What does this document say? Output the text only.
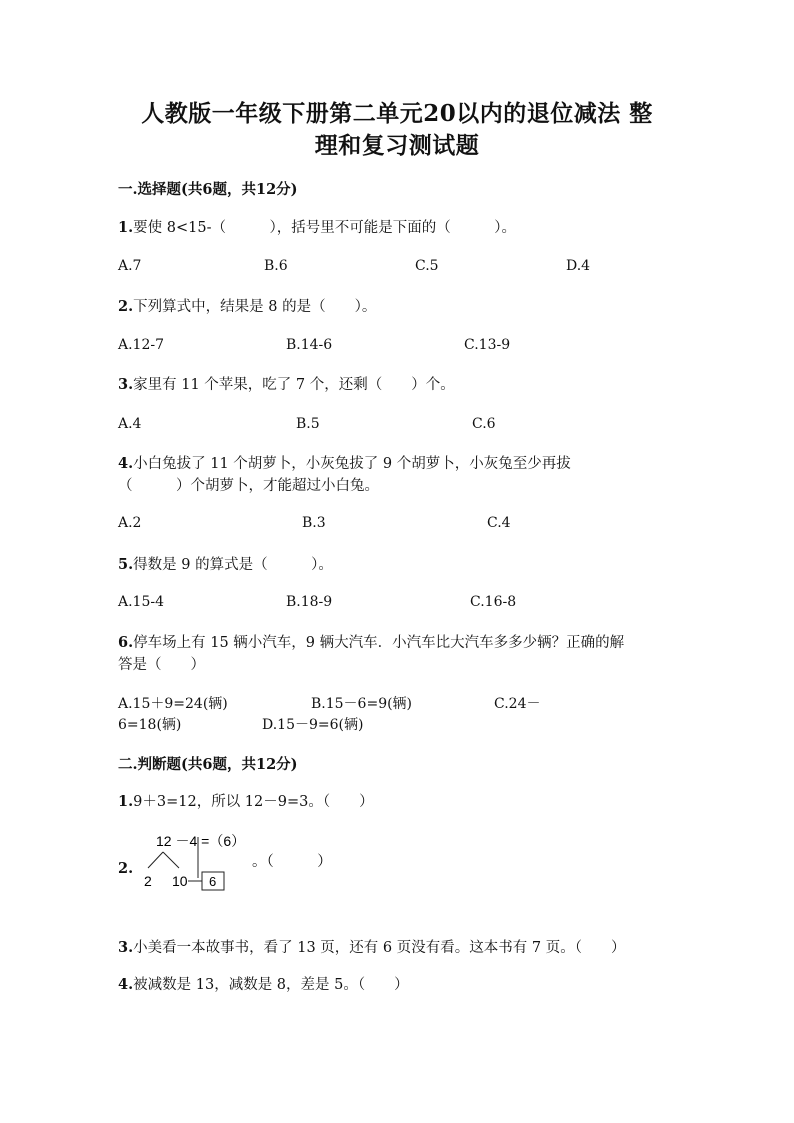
人教版一年级下册第二单元20以内的退位减法 整
理和复习测试题
一.选择题(共6题，共12分)
1.要使 8<15-（　　　），括号里不可能是下面的（　　　）。
A.7	B.6	C.5	D.4
2.下列算式中，结果是 8 的是（　　）。
A.12-7	B.14-6	C.13-9
3.家里有 11 个苹果，吃了 7 个，还剩（　　）个。
A.4	B.5	C.6
4.小白兔拔了 11 个胡萝卜，小灰兔拔了 9 个胡萝卜，小灰兔至少再拔
（　　　）个胡萝卜，才能超过小白兔。
A.2	B.3	C.4
5.得数是 9 的算式是（　　　）。
A.15-4	B.18-9	C.16-8
6.停车场上有 15 辆小汽车，9 辆大汽车．小汽车比大汽车多多少辆？正确的解
答是（　　）
A.15＋9=24(辆)	B.15－6=9(辆)	C.24－
6=18(辆)	D.15－9=6(辆)
二.判断题(共6题，共12分)
1.9＋3=12，所以 12－9=3。（　　）
2.
12 －4 =（6）
2 10 6
。（　　　）
3.小美看一本故事书，看了 13 页，还有 6 页没有看。这本书有 7 页。（　　）
4.被减数是 13，减数是 8，差是 5。（　　）
